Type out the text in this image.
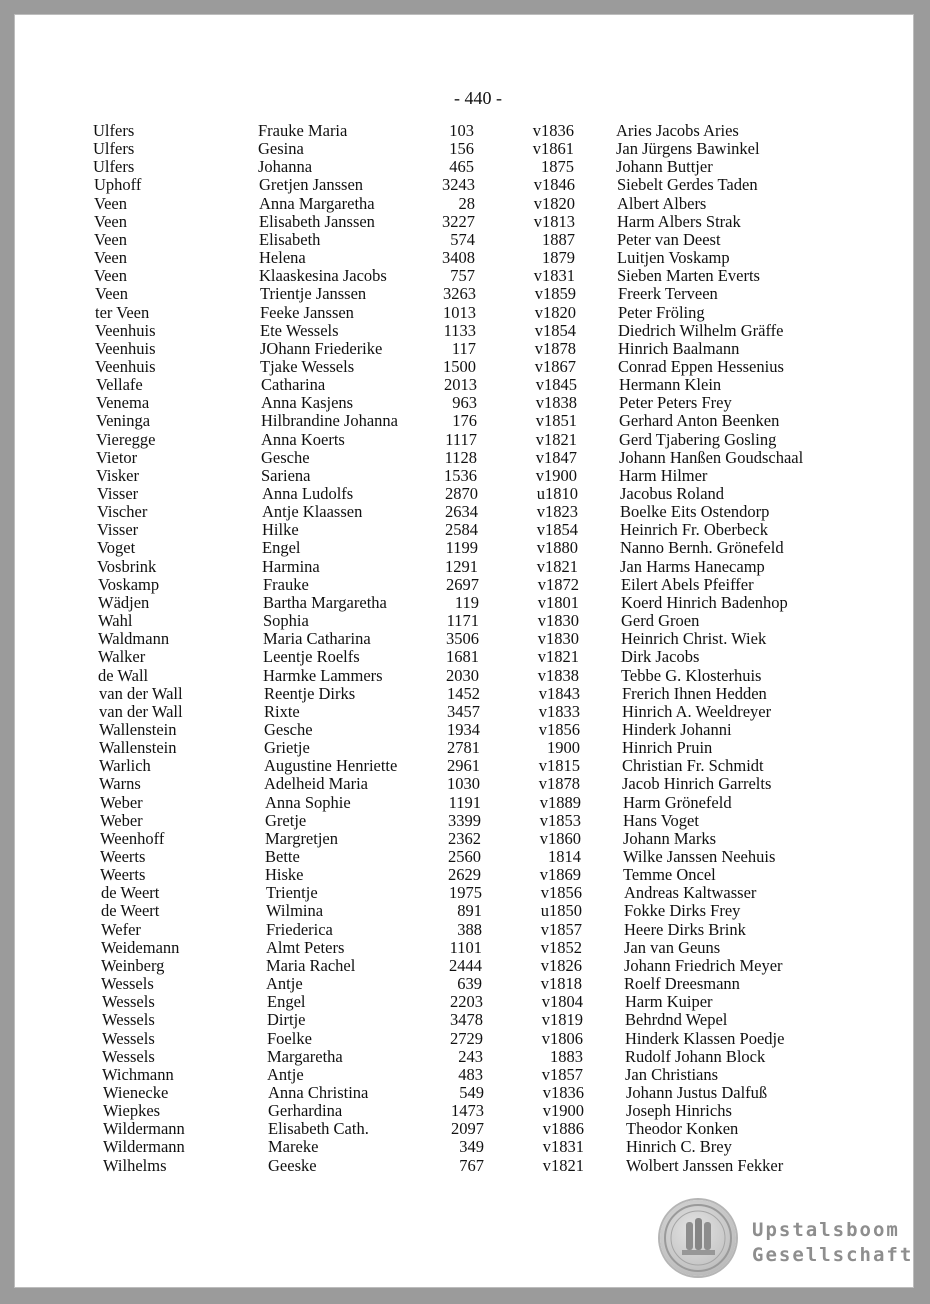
- 440 -
Ulfers	Frauke Maria	103	v1836	Aries Jacobs Aries
Ulfers	Gesina	156	v1861	Jan Jürgens Bawinkel
Ulfers	Johanna	465	1875	Johann Buttjer
Uphoff	Gretjen Janssen	3243	v1846	Siebelt Gerdes Taden
Veen	Anna Margaretha	28	v1820	Albert Albers
Veen	Elisabeth Janssen	3227	v1813	Harm Albers Strak
Veen	Elisabeth	574	1887	Peter van Deest
Veen	Helena	3408	1879	Luitjen Voskamp
Veen	Klaaskesina Jacobs	757	v1831	Sieben Marten Everts
Veen	Trientje Janssen	3263	v1859	Freerk Terveen
ter Veen	Feeke Janssen	1013	v1820	Peter Fröling
Veenhuis	Ete Wessels	1133	v1854	Diedrich Wilhelm Gräffe
Veenhuis	JOhann Friederike	117	v1878	Hinrich Baalmann
Veenhuis	Tjake Wessels	1500	v1867	Conrad Eppen Hessenius
Vellafe	Catharina	2013	v1845	Hermann Klein
Venema	Anna Kasjens	963	v1838	Peter Peters Frey
Veninga	Hilbrandine Johanna	176	v1851	Gerhard Anton Beenken
Vieregge	Anna Koerts	1117	v1821	Gerd Tjabering Gosling
Vietor	Gesche	1128	v1847	Johann Hanßen Goudschaal
Visker	Sariena	1536	v1900	Harm Hilmer
Visser	Anna Ludolfs	2870	u1810	Jacobus Roland
Vischer	Antje Klaassen	2634	v1823	Boelke Eits Ostendorp
Visser	Hilke	2584	v1854	Heinrich Fr. Oberbeck
Voget	Engel	1199	v1880	Nanno Bernh. Grönefeld
Vosbrink	Harmina	1291	v1821	Jan Harms Hanecamp
Voskamp	Frauke	2697	v1872	Eilert Abels Pfeiffer
Wädjen	Bartha Margaretha	119	v1801	Koerd Hinrich Badenhop
Wahl	Sophia	1171	v1830	Gerd Groen
Waldmann	Maria Catharina	3506	v1830	Heinrich Christ. Wiek
Walker	Leentje Roelfs	1681	v1821	Dirk Jacobs
de Wall	Harmke Lammers	2030	v1838	Tebbe G. Klosterhuis
van der Wall	Reentje Dirks	1452	v1843	Frerich Ihnen Hedden
van der Wall	Rixte	3457	v1833	Hinrich A. Weeldreyer
Wallenstein	Gesche	1934	v1856	Hinderk Johanni
Wallenstein	Grietje	2781	1900	Hinrich Pruin
Warlich	Augustine Henriette	2961	v1815	Christian Fr. Schmidt
Warns	Adelheid Maria	1030	v1878	Jacob Hinrich Garrelts
Weber	Anna Sophie	1191	v1889	Harm Grönefeld
Weber	Gretje	3399	v1853	Hans Voget
Weenhoff	Margretjen	2362	v1860	Johann Marks
Weerts	Bette	2560	1814	Wilke Janssen Neehuis
Weerts	Hiske	2629	v1869	Temme Oncel
de Weert	Trientje	1975	v1856	Andreas Kaltwasser
de Weert	Wilmina	891	u1850	Fokke Dirks Frey
Wefer	Friederica	388	v1857	Heere Dirks Brink
Weidemann	Almt Peters	1101	v1852	Jan van Geuns
Weinberg	Maria Rachel	2444	v1826	Johann Friedrich Meyer
Wessels	Antje	639	v1818	Roelf Dreesmann
Wessels	Engel	2203	v1804	Harm Kuiper
Wessels	Dirtje	3478	v1819	Behrdnd Wepel
Wessels	Foelke	2729	v1806	Hinderk Klassen Poedje
Wessels	Margaretha	243	1883	Rudolf Johann Block
Wichmann	Antje	483	v1857	Jan Christians
Wienecke	Anna Christina	549	v1836	Johann Justus Dalfuß
Wiepkes	Gerhardina	1473	v1900	Joseph Hinrichs
Wildermann	Elisabeth Cath.	2097	v1886	Theodor Konken
Wildermann	Mareke	349	v1831	Hinrich C. Brey
Wilhelms	Geeske	767	v1821	Wolbert Janssen Fekker
Upstalsboom
Gesellschaft
